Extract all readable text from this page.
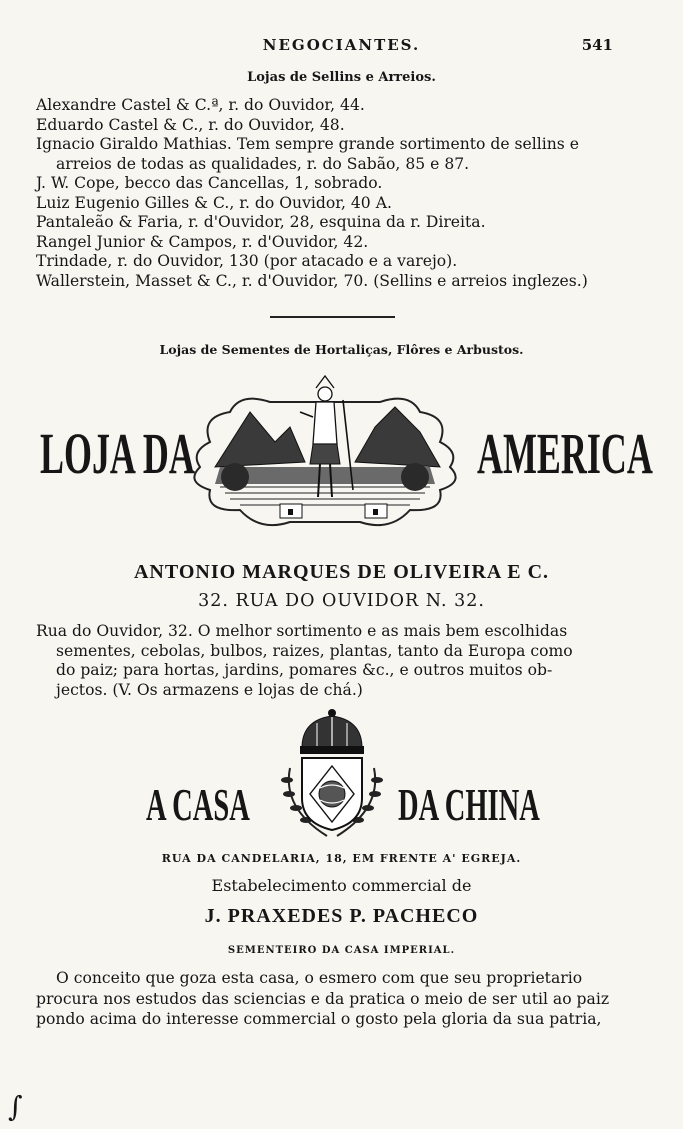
NEGOCIANTES.	541
Lojas de Sellins e Arreios.
Alexandre Castel & C.ª, r. do Ouvidor, 44.
Eduardo Castel & C., r. do Ouvidor, 48.
Ignacio Giraldo Mathias. Tem sempre grande sortimento de sellins e
arreios de todas as qualidades, r. do Sabão, 85 e 87.
J. W. Cope, becco das Cancellas, 1, sobrado.
Luiz Eugenio Gilles & C., r. do Ouvidor, 40 A.
Pantaleão & Faria, r. d'Ouvidor, 28, esquina da r. Direita.
Rangel Junior & Campos, r. d'Ouvidor, 42.
Trindade, r. do Ouvidor, 130 (por atacado e a varejo).
Wallerstein, Masset & C., r. d'Ouvidor, 70. (Sellins e arreios inglezes.)
Lojas de Sementes de Hortaliças, Flôres e Arbustos.
LOJA DA	AMERICA
ANTONIO MARQUES DE OLIVEIRA E C.
32. RUA DO OUVIDOR N. 32.
Rua do Ouvidor, 32. O melhor sortimento e as mais bem escolhidas
sementes, cebolas, bulbos, raizes, plantas, tanto da Europa como
do paiz; para hortas, jardins, pomares &c., e outros muitos ob-
jectos. (V. Os armazens e lojas de chá.)
A CASA	DA CHINA
RUA DA CANDELARIA, 18, EM FRENTE A' EGREJA.
Estabelecimento commercial de
J. PRAXEDES P. PACHECO
SEMENTEIRO DA CASA IMPERIAL.
O conceito que goza esta casa, o esmero com que seu proprietario
procura nos estudos das sciencias e da pratica o meio de ser util ao paiz
pondo acima do interesse commercial o gosto pela gloria da sua patria,
∫
